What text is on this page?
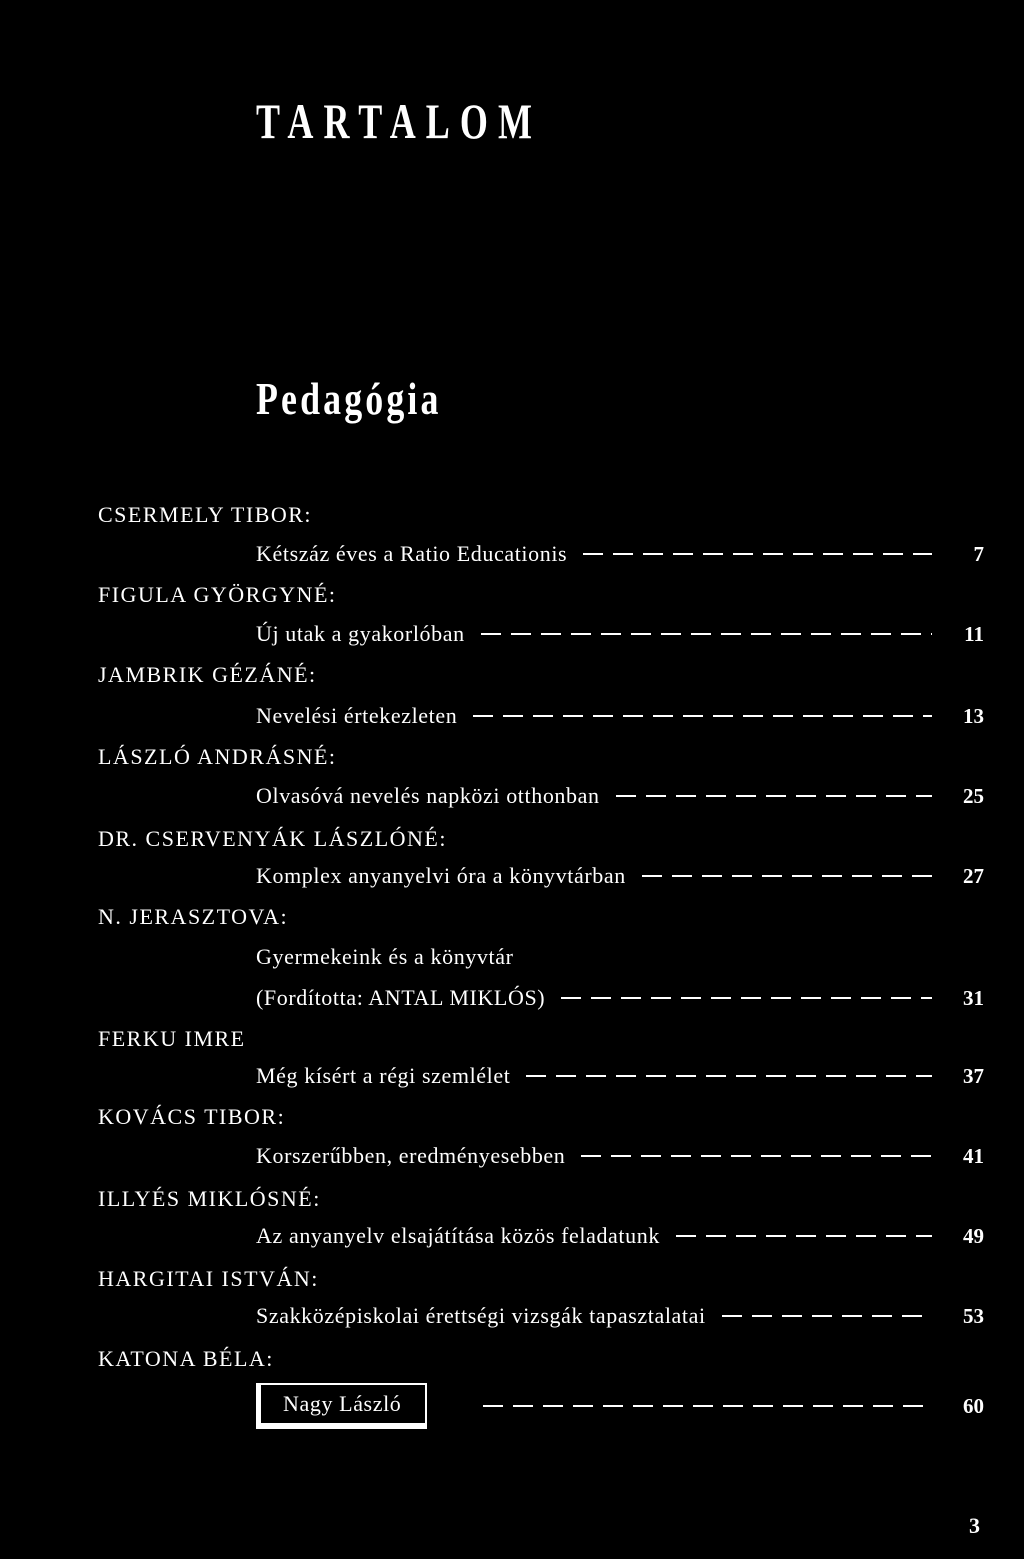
TARTALOM
Pedagógia
CSERMELY TIBOR:
Kétszáz éves a Ratio Educationis	7
FIGULA GYÖRGYNÉ:
Új utak a gyakorlóban	11
JAMBRIK GÉZÁNÉ:
Nevelési értekezleten	13
LÁSZLÓ ANDRÁSNÉ:
Olvasóvá nevelés napközi otthonban	25
DR. CSERVENYÁK LÁSZLÓNÉ:
Komplex anyanyelvi óra a könyvtárban	27
N. JERASZTOVA:
Gyermekeink és a könyvtár
(Fordította: ANTAL MIKLÓS)	31
FERKU IMRE
Még kísért a régi szemlélet	37
KOVÁCS TIBOR:
Korszerűbben, eredményesebben	41
ILLYÉS MIKLÓSNÉ:
Az anyanyelv elsajátítása közös feladatunk	49
HARGITAI ISTVÁN:
Szakközépiskolai érettségi vizsgák tapasztalatai	53
KATONA BÉLA:
Nagy László	60
3
